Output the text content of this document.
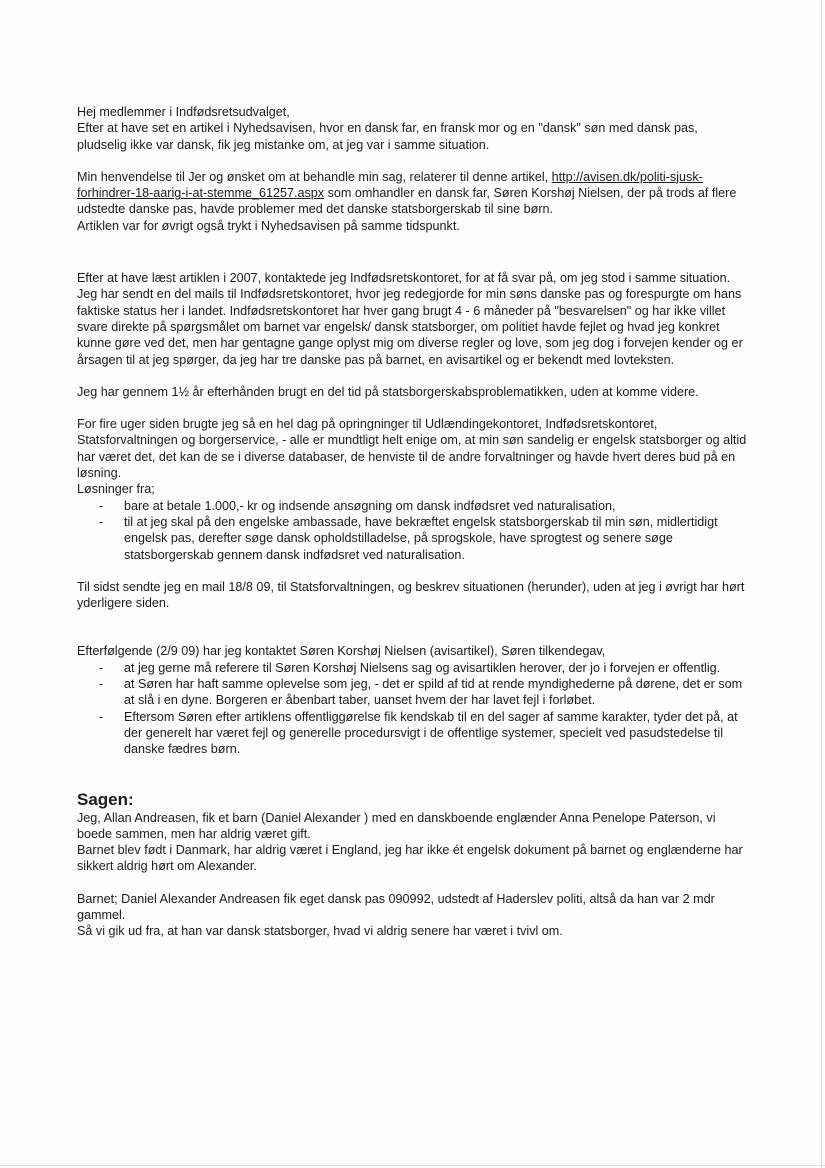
Hej medlemmer i Indfødsretsudvalget,

Efter at have set en artikel i Nyhedsavisen, hvor en dansk far, en fransk mor og en "dansk" søn med dansk pas, pludselig ikke var dansk, fik jeg mistanke om, at jeg var i samme situation.

Min henvendelse til Jer og ønsket om at behandle min sag, relaterer til denne artikel, http://avisen.dk/politi-sjusk-forhindrer-18-aarig-i-at-stemme_61257.aspx som omhandler en dansk far, Søren Korshøj Nielsen, der på trods af flere udstedte danske pas, havde problemer med det danske statsborgerskab til sine børn.

Artiklen var for øvrigt også trykt i Nyhedsavisen på samme tidspunkt.

Efter at have læst artiklen i 2007, kontaktede jeg Indfødsretskontoret, for at få svar på, om jeg stod i samme situation.

Jeg har sendt en del mails til Indfødsretskontoret, hvor jeg redegjorde for min søns danske pas og forespurgte om hans faktiske status her i landet. Indfødsretskontoret har hver gang brugt 4 - 6 måneder på "besvarelsen" og har ikke villet svare direkte på spørgsmålet om barnet var engelsk/ dansk statsborger, om politiet havde fejlet og hvad jeg konkret kunne gøre ved det, men har gentagne gange oplyst mig om diverse regler og love, som jeg dog i forvejen kender og er årsagen til at jeg spørger, da jeg har tre danske pas på barnet, en avisartikel og er bekendt med lovteksten.

Jeg har gennem 1½ år efterhånden brugt en del tid på statsborgerskabsproblematikken, uden at komme videre.

For fire uger siden brugte jeg så en hel dag på opringninger til Udlændingekontoret, Indfødsretskontoret, Statsforvaltningen og borgerservice, - alle er mundtligt helt enige om, at min søn sandelig er engelsk statsborger og altid har været det, det kan de se i diverse databaser, de henviste til de andre forvaltninger og havde hvert deres bud på en løsning.

Løsninger fra;

- bare at betale 1.000,- kr og indsende ansøgning om dansk indfødsret ved naturalisation,
- til at jeg skal på den engelske ambassade, have bekræftet engelsk statsborgerskab til min søn, midlertidigt engelsk pas, derefter søge dansk opholdstilladelse, på sprogskole, have sprogtest og senere søge statsborgerskab gennem dansk indfødsret ved naturalisation.

Til sidst sendte jeg en mail 18/8 09, til Statsforvaltningen, og beskrev situationen (herunder), uden at jeg i øvrigt har hørt yderligere siden.

Efterfølgende (2/9 09) har jeg kontaktet Søren Korshøj Nielsen (avisartikel), Søren tilkendegav,

- at jeg gerne må referere til Søren Korshøj Nielsens sag og avisartiklen herover, der jo i forvejen er offentlig.
- at Søren har haft samme oplevelse som jeg, - det er spild af tid at rende myndighederne på dørene, det er som at slå i en dyne. Borgeren er åbenbart taber, uanset hvem der har lavet fejl i forløbet.
- Eftersom Søren efter artiklens offentliggørelse fik kendskab til en del sager af samme karakter, tyder det på, at der generelt har været fejl og generelle procedursvigt i de offentlige systemer, specielt ved pasudstedelse til danske fædres børn.

Sagen:

Jeg, Allan Andreasen, fik et barn (Daniel Alexander ) med en danskboende englænder Anna Penelope Paterson, vi boede sammen, men har aldrig været gift.

Barnet blev født i Danmark, har aldrig været i England, jeg har ikke ét engelsk dokument på barnet og englænderne har sikkert aldrig hørt om Alexander.

Barnet; Daniel Alexander Andreasen fik eget dansk pas 090992, udstedt af Haderslev politi, altså da han var 2 mdr gammel.

Så vi gik ud fra, at han var dansk statsborger, hvad vi aldrig senere har været i tvivl om.
